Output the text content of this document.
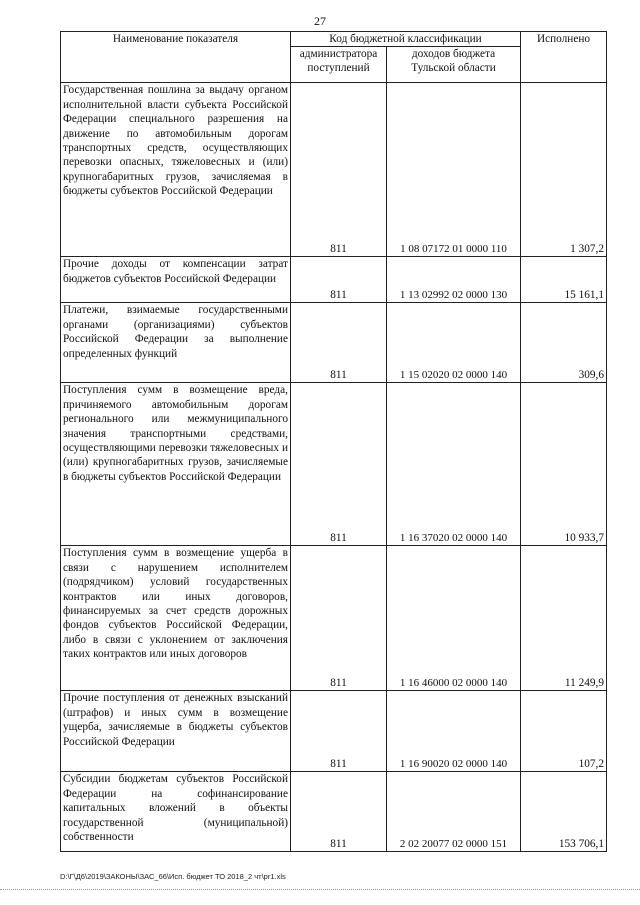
27
Наименование показателя	Код бюджетной классификации		Исполнено
	администратора поступлений	доходов бюджета Тульской области	
Государственная пошлина за выдачу органом исполнительной власти субъекта Российской Федерации специального разрешения на движение по автомобильным дорогам транспортных средств, осуществляющих перевозки опасных, тяжеловесных и (или) крупногабаритных грузов, зачисляемая в бюджеты субъектов Российской Федерации	811	1 08 07172 01 0000 110	1 307,2
Прочие доходы от компенсации затрат бюджетов субъектов Российской Федерации	811	1 13 02992 02 0000 130	15 161,1
Платежи, взимаемые государственными органами (организациями) субъектов Российской Федерации за выполнение определенных функций	811	1 15 02020 02 0000 140	309,6
Поступления сумм в возмещение вреда, причиняемого автомобильным дорогам регионального или межмуниципального значения транспортными средствами, осуществляющими перевозки тяжеловесных и (или) крупногабаритных грузов, зачисляемые в бюджеты субъектов Российской Федерации	811	1 16 37020 02 0000 140	10 933,7
Поступления сумм в возмещение ущерба в связи с нарушением исполнителем (подрядчиком) условий государственных контрактов или иных договоров, финансируемых за счет средств дорожных фондов субъектов Российской Федерации, либо в связи с уклонением от заключения таких контрактов или иных договоров	811	1 16 46000 02 0000 140	11 249,9
Прочие поступления от денежных взысканий (штрафов) и иных сумм в возмещение ущерба, зачисляемые в бюджеты субъектов Российской Федерации	811	1 16 90020 02 0000 140	107,2
Субсидии бюджетам субъектов Российской Федерации на софинансирование капитальных вложений в объекты государственной (муниципальной) собственности	811	2 02 20077 02 0000 151	153 706,1
D:\Г\Д6\2019\ЗАКОНЫ\ЗАС_66\Исп. бюджет ТО 2018_2 чт\pr1.xls
